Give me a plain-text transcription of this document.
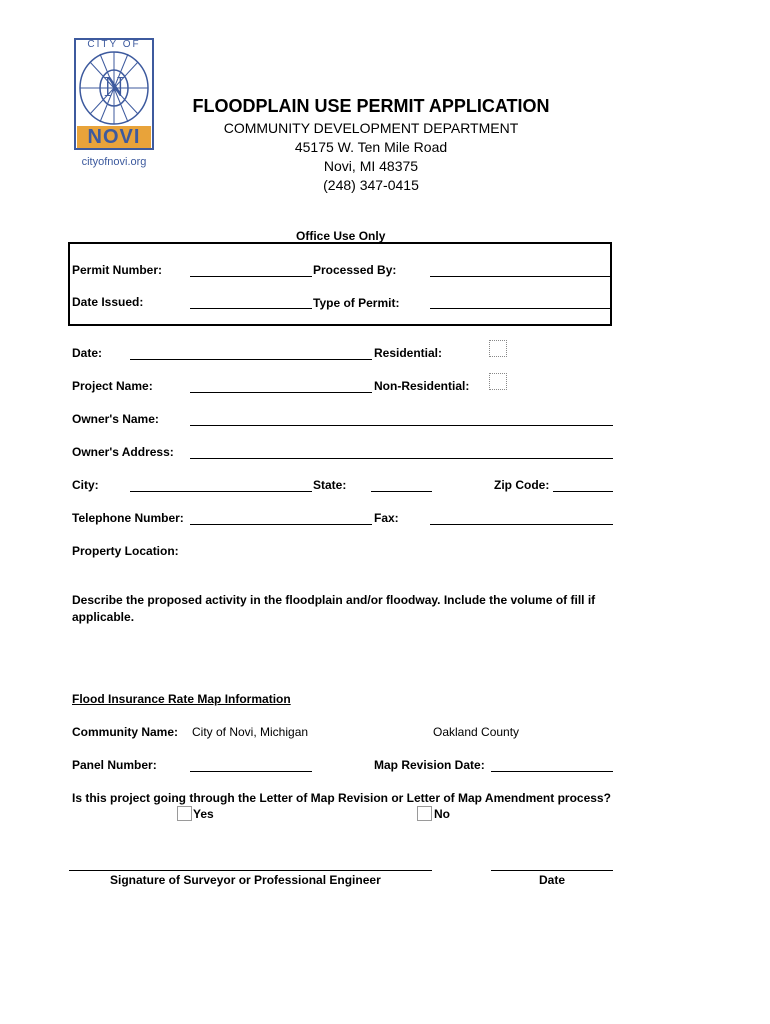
N
CITY OF
NOVI
cityofnovi.org
FLOODPLAIN USE PERMIT APPLICATION
COMMUNITY DEVELOPMENT DEPARTMENT
45175 W. Ten Mile Road
Novi, MI 48375
(248) 347-0415
Office Use Only
Permit Number:	Processed By:
Date Issued:	Type of Permit:
Date:	Residential:
Project Name:	Non-Residential:
Owner's Name:
Owner's Address:
City:	State:	Zip Code:
Telephone Number:	Fax:
Property Location:
Describe the proposed activity in the floodplain and/or floodway. Include the volume of fill if
applicable.
Flood Insurance Rate Map Information
Community Name: City of Novi, Michigan	Oakland County
Panel Number:	Map Revision Date:
Is this project going through the Letter of Map Revision or Letter of Map Amendment process?
Yes	No
Signature of Surveyor or Professional Engineer	Date
